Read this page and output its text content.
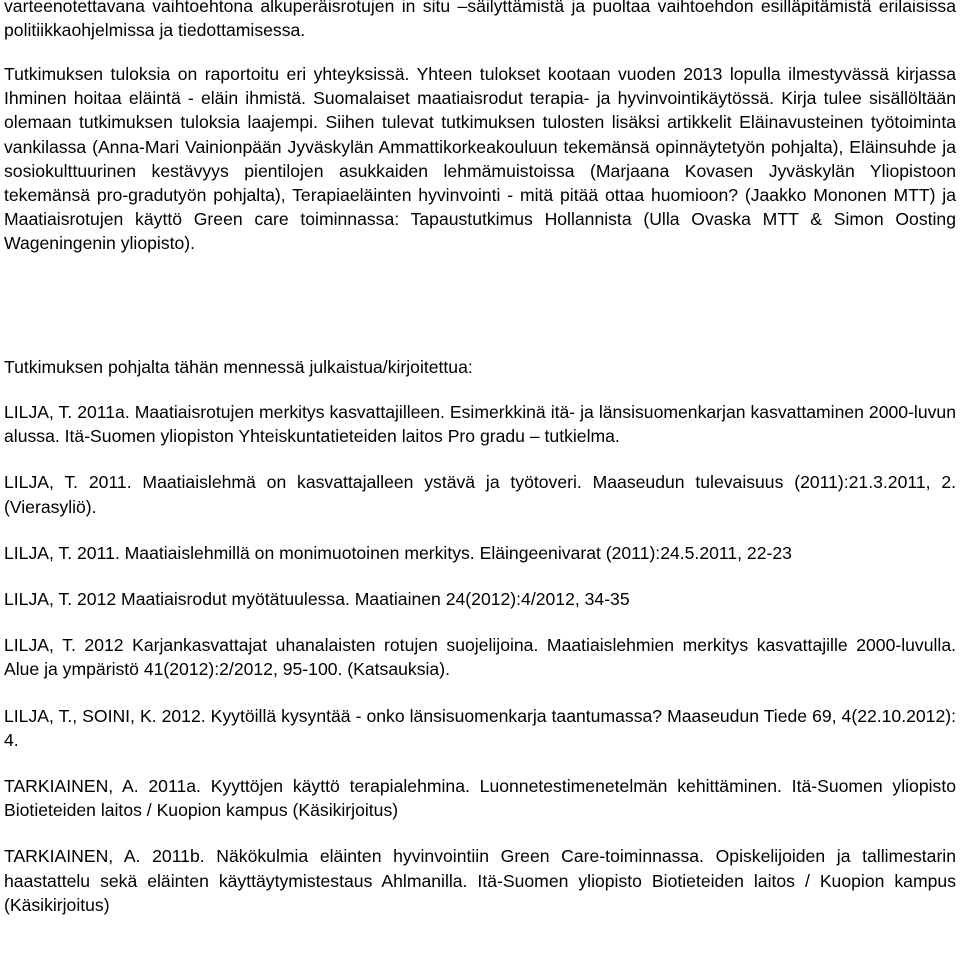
varteenotettavana vaihtoehtona alkuperäisrotujen in situ –säilyttämistä ja puoltaa vaihtoehdon esilläpitämistä erilaisissa politiikkaohjelmissa ja tiedottamisessa.

Tutkimuksen tuloksia on raportoitu eri yhteyksissä. Yhteen tulokset kootaan vuoden 2013 lopulla ilmestyvässä kirjassa Ihminen hoitaa eläintä - eläin ihmistä. Suomalaiset maatiaisrodut terapia- ja hyvinvointikäytössä. Kirja tulee sisällöltään olemaan tutkimuksen tuloksia laajempi. Siihen tulevat tutkimuksen tulosten lisäksi artikkelit Eläinavusteinen työtoiminta vankilassa (Anna-Mari Vainionpään Jyväskylän Ammattikorkeakouluun tekemänsä opinnäytetyön pohjalta), Eläinsuhde ja sosiokulttuurinen kestävyys pientilojen asukkaiden lehmämuistoissa (Marjaana Kovasen Jyväskylän Yliopistoon tekemänsä pro-gradutyön pohjalta), Terapiaeläinten hyvinvointi - mitä pitää ottaa huomioon? (Jaakko Mononen MTT) ja Maatiaisrotujen käyttö Green care toiminnassa: Tapaustutkimus Hollannista (Ulla Ovaska MTT & Simon Oosting Wageningenin yliopisto).

Tutkimuksen pohjalta tähän mennessä julkaistua/kirjoitettua:

LILJA, T. 2011a. Maatiaisrotujen merkitys kasvattajilleen. Esimerkkinä itä- ja länsisuomenkarjan kasvattaminen 2000-luvun alussa. Itä-Suomen yliopiston Yhteiskuntatieteiden laitos Pro gradu – tutkielma.

LILJA, T. 2011. Maatiaislehmä on kasvattajalleen ystävä ja työtoveri. Maaseudun tulevaisuus (2011):21.3.2011, 2. (Vierasyliö).

LILJA, T. 2011. Maatiaislehmillä on monimuotoinen merkitys. Eläingeenivarat (2011):24.5.2011, 22-23

LILJA, T. 2012 Maatiaisrodut myötätuulessa. Maatiainen 24(2012):4/2012, 34-35

LILJA, T. 2012 Karjankasvattajat uhanalaisten rotujen suojelijoina. Maatiaislehmien merkitys kasvattajille 2000-luvulla. Alue ja ympäristö 41(2012):2/2012, 95-100. (Katsauksia).

LILJA, T., SOINI, K. 2012. Kyytöillä kysyntää - onko länsisuomenkarja taantumassa? Maaseudun Tiede 69, 4(22.10.2012): 4.

TARKIAINEN, A. 2011a. Kyyttöjen käyttö terapialehmina. Luonnetestimenetelmän kehittäminen. Itä-Suomen yliopisto Biotieteiden laitos / Kuopion kampus (Käsikirjoitus)

TARKIAINEN, A. 2011b. Näkökulmia eläinten hyvinvointiin Green Care-toiminnassa. Opiskelijoiden ja tallimestarin haastattelu sekä eläinten käyttäytymistestaus Ahlmanilla. Itä-Suomen yliopisto Biotieteiden laitos / Kuopion kampus (Käsikirjoitus)
